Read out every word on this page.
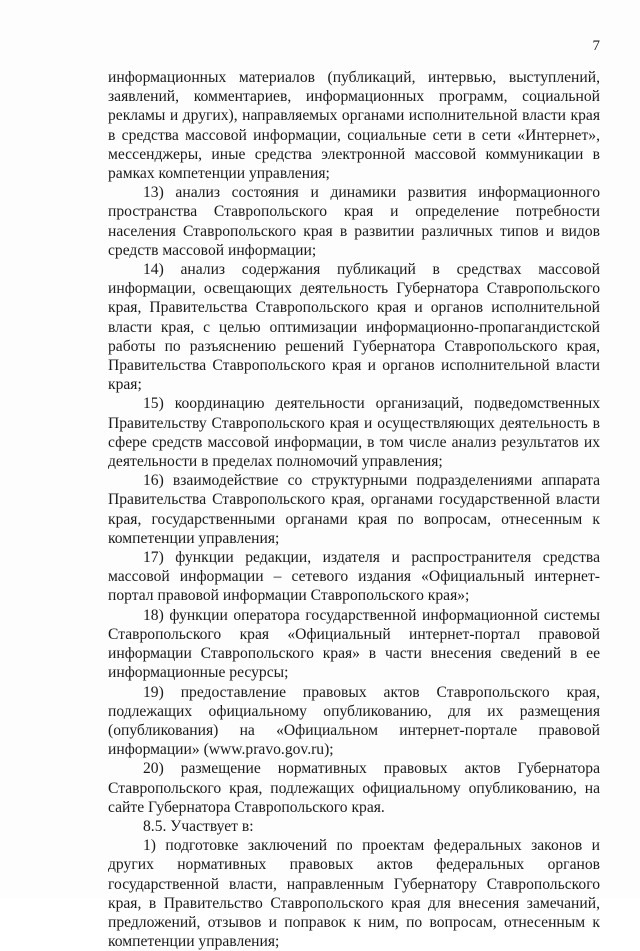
7

информационных материалов (публикаций, интервью, выступлений, заявлений, комментариев, информационных программ, социальной рекламы и других), направляемых органами исполнительной власти края в средства массовой информации, социальные сети в сети «Интернет», мессенджеры, иные средства электронной массовой коммуникации в рамках компетенции управления;

13) анализ состояния и динамики развития информационного пространства Ставропольского края и определение потребности населения Ставропольского края в развитии различных типов и видов средств массовой информации;

14) анализ содержания публикаций в средствах массовой информации, освещающих деятельность Губернатора Ставропольского края, Правительства Ставропольского края и органов исполнительной власти края, с целью оптимизации информационно-пропагандистской работы по разъяснению решений Губернатора Ставропольского края, Правительства Ставропольского края и органов исполнительной власти края;

15) координацию деятельности организаций, подведомственных Правительству Ставропольского края и осуществляющих деятельность в сфере средств массовой информации, в том числе анализ результатов их деятельности в пределах полномочий управления;

16) взаимодействие со структурными подразделениями аппарата Правительства Ставропольского края, органами государственной власти края, государственными органами края по вопросам, отнесенным к компетенции управления;

17) функции редакции, издателя и распространителя средства массовой информации – сетевого издания «Официальный интернет-портал правовой информации Ставропольского края»;

18) функции оператора государственной информационной системы Ставропольского края «Официальный интернет-портал правовой информации Ставропольского края» в части внесения сведений в ее информационные ресурсы;

19) предоставление правовых актов Ставропольского края, подлежащих официальному опубликованию, для их размещения (опубликования) на «Официальном интернет-портале правовой информации» (www.pravo.gov.ru);

20) размещение нормативных правовых актов Губернатора Ставропольского края, подлежащих официальному опубликованию, на сайте Губернатора Ставропольского края.

8.5. Участвует в:

1) подготовке заключений по проектам федеральных законов и других нормативных правовых актов федеральных органов государственной власти, направленным Губернатору Ставропольского края, в Правительство Ставропольского края для внесения замечаний, предложений, отзывов и поправок к ним, по вопросам, отнесенным к компетенции управления;
